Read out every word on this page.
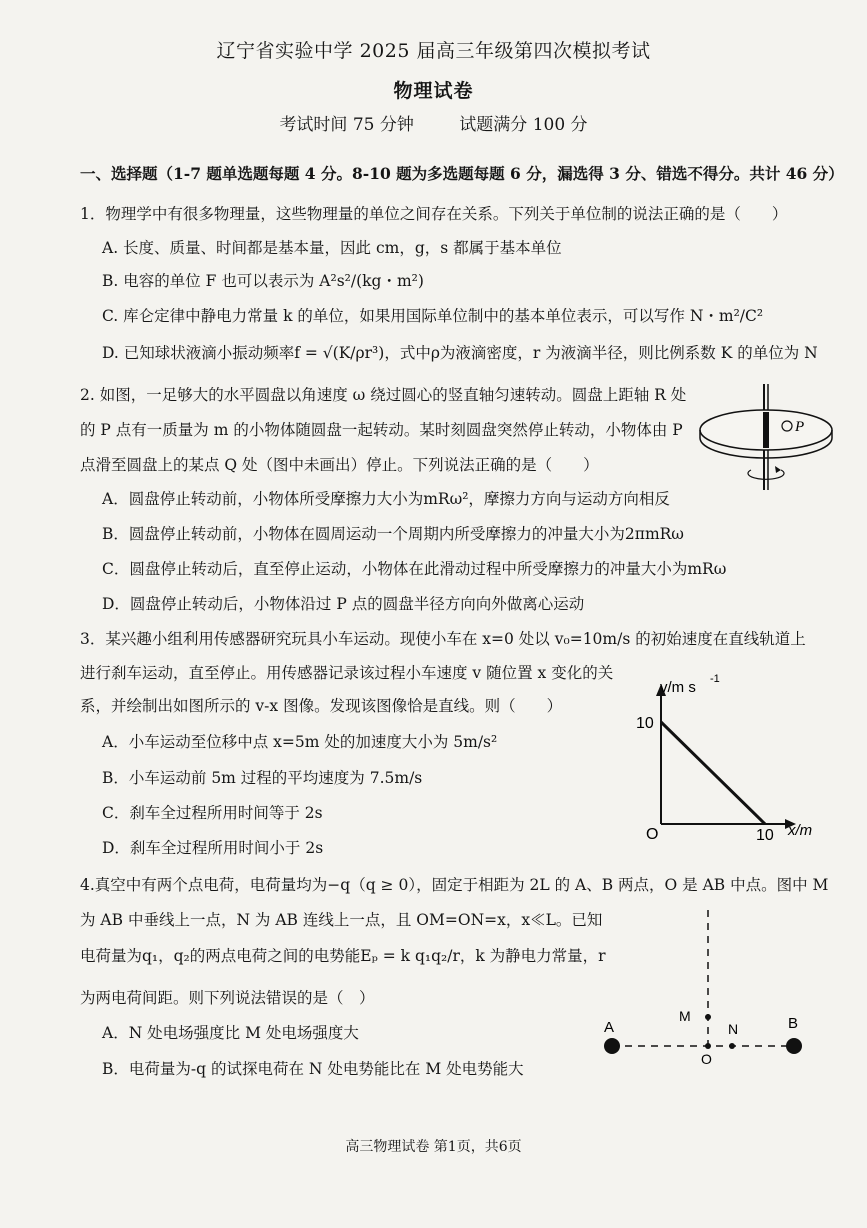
辽宁省实验中学 2025 届高三年级第四次模拟考试
物理试卷
考试时间 75 分钟	试题满分 100 分
一、选择题（1-7 题单选题每题 4 分。8-10 题为多选题每题 6 分，漏选得 3 分、错选不得分。共计 46 分）
1．物理学中有很多物理量，这些物理量的单位之间存在关系。下列关于单位制的说法正确的是（　　）
A. 长度、质量、时间都是基本量，因此 cm，g，s 都属于基本单位
B. 电容的单位 F 也可以表示为 A²s²/(kg・m²)
C. 库仑定律中静电力常量 k 的单位，如果用国际单位制中的基本单位表示，可以写作 N・m²/C²
D. 已知球状液滴小振动频率f = √(K/ρr³)，式中ρ为液滴密度，r 为液滴半径，则比例系数 K 的单位为 N
2. 如图，一足够大的水平圆盘以角速度 ω 绕过圆心的竖直轴匀速转动。圆盘上距轴 R 处
的 P 点有一质量为 m 的小物体随圆盘一起转动。某时刻圆盘突然停止转动，小物体由 P
点滑至圆盘上的某点 Q 处（图中未画出）停止。下列说法正确的是（　　）
A．圆盘停止转动前，小物体所受摩擦力大小为mRω²，摩擦力方向与运动方向相反
B．圆盘停止转动前，小物体在圆周运动一个周期内所受摩擦力的冲量大小为2πmRω
C．圆盘停止转动后，直至停止运动，小物体在此滑动过程中所受摩擦力的冲量大小为mRω
D．圆盘停止转动后，小物体沿过 P 点的圆盘半径方向向外做离心运动
P
3．某兴趣小组利用传感器研究玩具小车运动。现使小车在 x=0 处以 v₀=10m/s 的初始速度在直线轨道上
进行刹车运动，直至停止。用传感器记录该过程小车速度 v 随位置 x 变化的关
系，并绘制出如图所示的 v-x 图像。发现该图像恰是直线。则（　　）
A．小车运动至位移中点 x=5m 处的加速度大小为 5m/s²
B．小车运动前 5m 过程的平均速度为 7.5m/s
C．刹车全过程所用时间等于 2s
D．刹车全过程所用时间小于 2s
v/m s -1
10
O	10 x/m
4.真空中有两个点电荷，电荷量均为−q（q ≥ 0），固定于相距为 2L 的 A、B 两点，O 是 AB 中点。图中 M
为 AB 中垂线上一点，N 为 AB 连线上一点，且 OM=ON=x，x≪L。已知
电荷量为q₁，q₂的两点电荷之间的电势能Eₚ = k q₁q₂/r，k 为静电力常量，r
为两电荷间距。则下列说法错误的是（　）
A．N 处电场强度比 M 处电场强度大
B．电荷量为-q 的试探电荷在 N 处电势能比在 M 处电势能大
A	B
M
N
O
高三物理试卷 第1页，共6页
